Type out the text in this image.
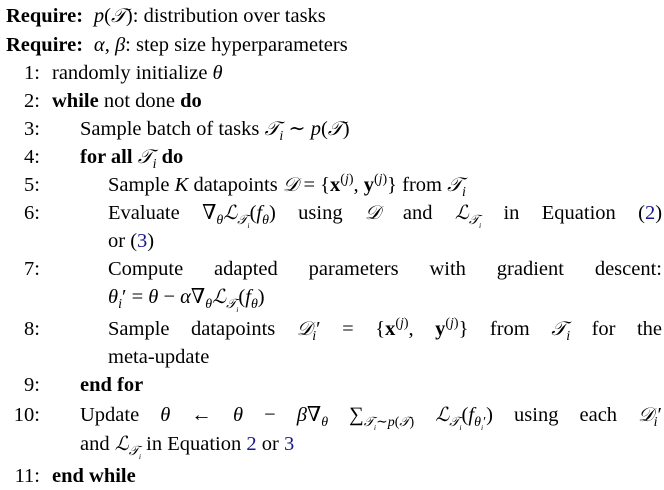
Require: p(𝒯): distribution over tasks
Require: α, β: step size hyperparameters
1: randomly initialize θ
2: while not done do
3: Sample batch of tasks 𝒯$_i$ ∼ p(𝒯)
4: for all 𝒯$_i$ do
5:	Sample K datapoints 𝒟 = {$x^{(j)}$, $y^{(j)}$} from 𝒯$_i$
6:	Evaluate $\nabla_\theta ℒ_{𝒯_i}(f_\theta)$ using 𝒟 and ℒ$_{𝒯_i}$ in Equation (2)
or (3)
7:	Compute adapted parameters with gradient descent:
$\theta_i' = \theta$ − $\alpha\nabla_\theta ℒ_{𝒯_i}(f_\theta)$
8:	Sample datapoints 𝒟$_i$′ = {$x^{(j)}$, $y^{(j)}$} from 𝒯$_i$ for the
meta-update
9: end for
10: Update θ ← $\theta - \beta\nabla_\theta$ $\sum_{𝒯_i\sim p(𝒯)}$ $ℒ_{𝒯_i}(f_{\theta_i'})$ using each 𝒟$_i$′
and ℒ$_{𝒯_i}$ in Equation 2 or 3
11: end while
